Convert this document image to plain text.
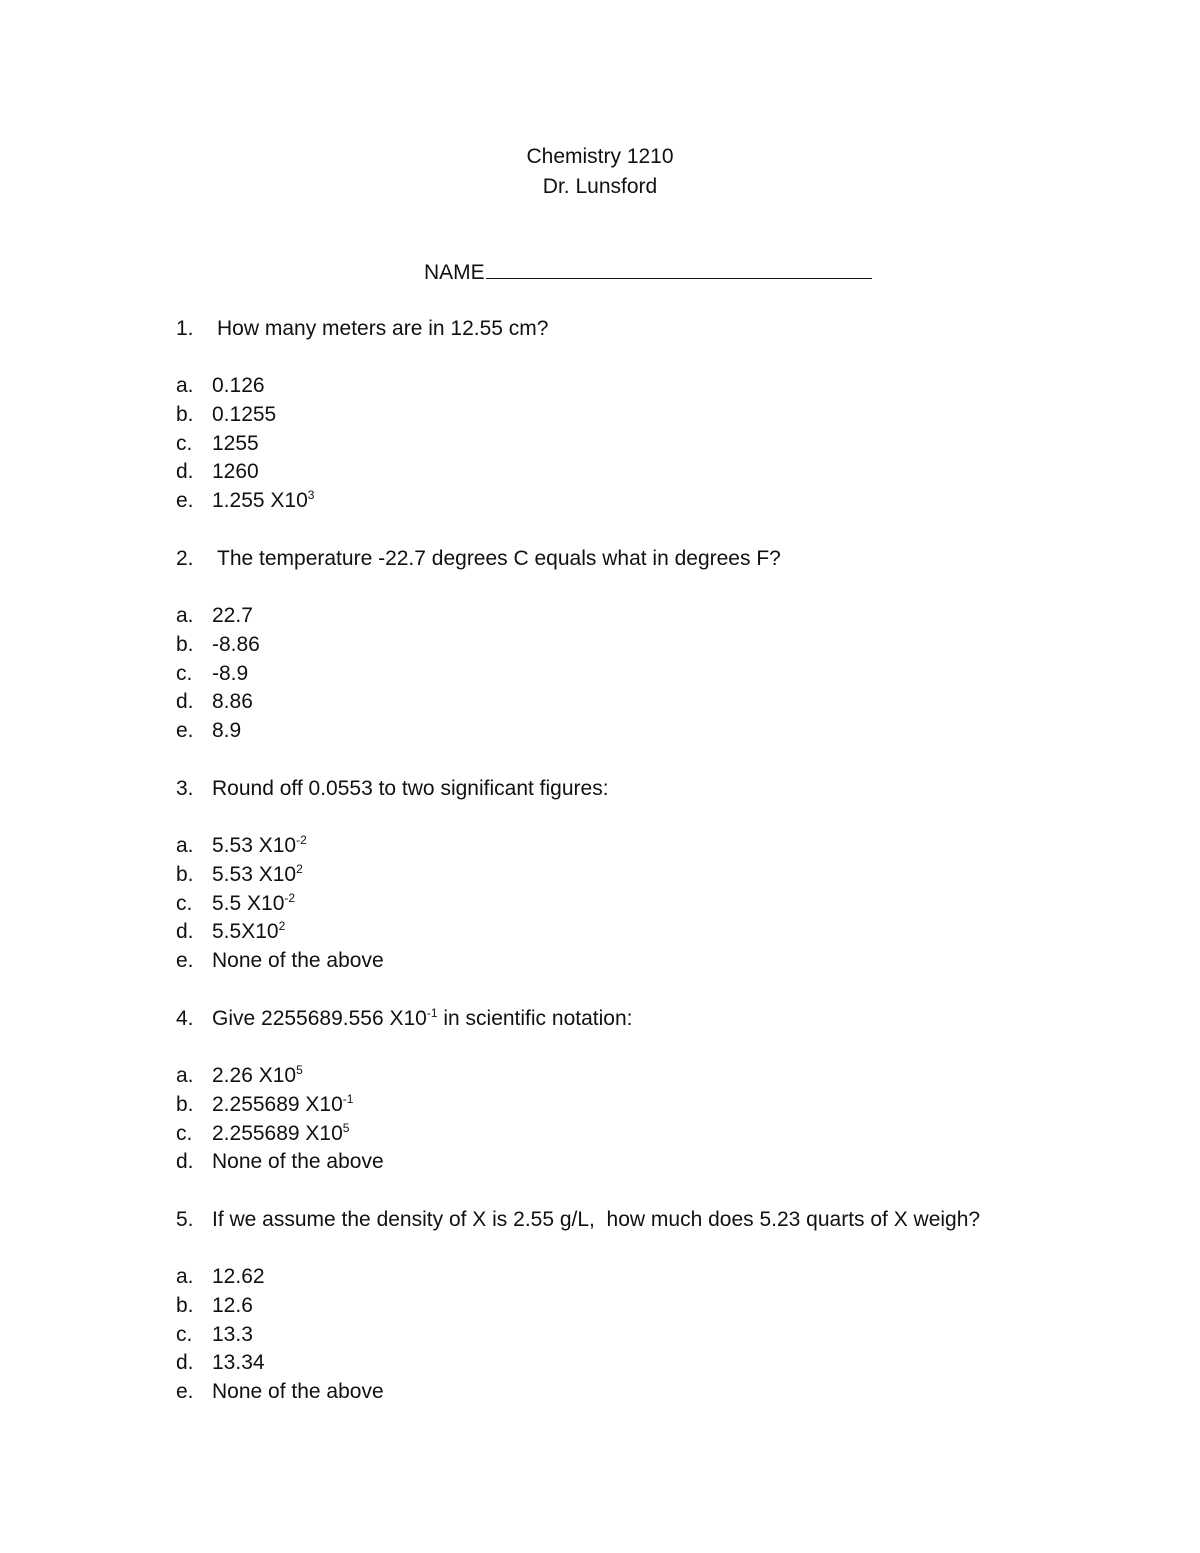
Chemistry 1210
Dr. Lunsford
NAME
1. How many meters are in 12.55 cm?
a. 0.126
b. 0.1255
c. 1255
d. 1260
e. 1.255 $X10^3$
2. The temperature -22.7 degrees C equals what in degrees F?
a. 22.7
b. -8.86
c. -8.9
d. 8.86
e. 8.9
3. Round off 0.0553 to two significant figures:
a. 5.53 $X10^{-2}$
b. 5.53 $X10^2$
c. 5.5 $X10^{-2}$
d. $5.5X10^2$
e. None of the above
4. Give 2255689.556 $X10^{-1}$ in scientific notation:
a. 2.26 $X10^5$
b. 2.255689 $X10^{-1}$
c. 2.255689 $X10^5$
d. None of the above
5. If we assume the density of X is 2.55 g/L,  how much does 5.23 quarts of X weigh?
a. 12.62
b. 12.6
c. 13.3
d. 13.34
e. None of the above
